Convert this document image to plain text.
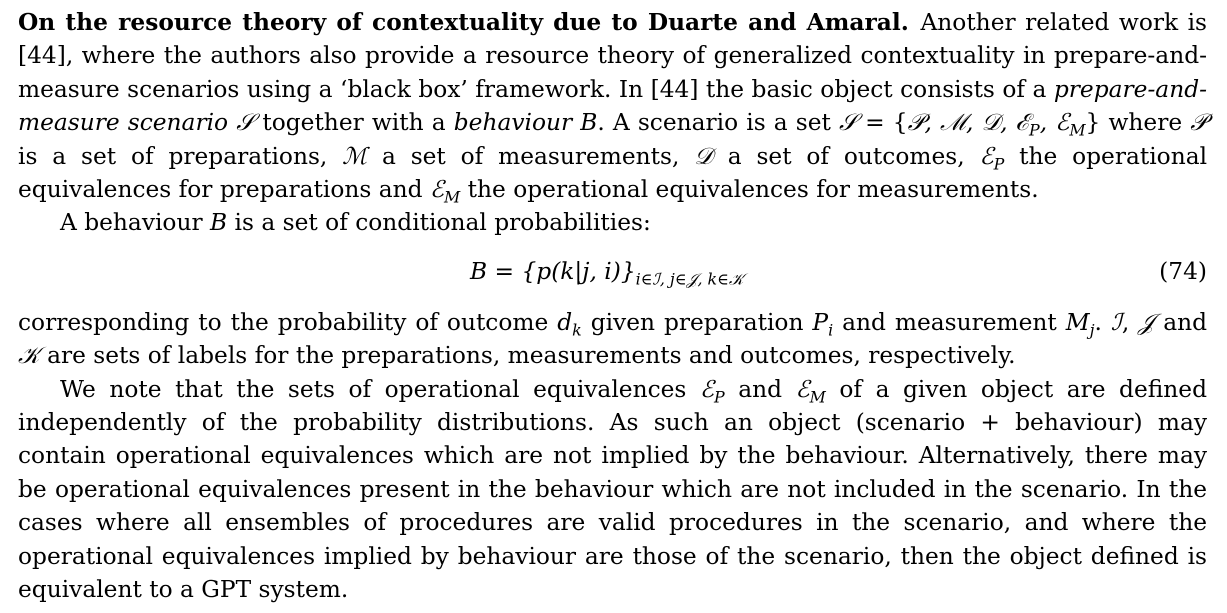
On the resource theory of contextuality due to Duarte and Amaral.  Another related work is [44], where the authors also provide a resource theory of generalized contextuality in prepare-and-measure scenarios using a ‘black box’ framework. In [44] the basic object consists of a prepare-and-measure scenario 𝒮 together with a behaviour B. A scenario is a set 𝒮 = {𝒫, ℳ, 𝒟, ℰ$_P$, ℰ$_M$} where 𝒫 is a set of preparations, ℳ a set of measurements, 𝒟 a set of outcomes, ℰ$_P$ the operational equivalences for preparations and ℰ$_M$ the operational equivalences for measurements.

A behaviour B is a set of conditional probabilities:

B = {p(k|j, $i)\}_{i\in ℐ, j\in 𝒥, k\in 𝒦}$	(74)

corresponding to the probability of outcome $d_k$ given preparation $P_i$ and measurement $M_j$. ℐ, 𝒥 and 𝒦 are sets of labels for the preparations, measurements and outcomes, respectively.

We note that the sets of operational equivalences ℰ$_P$ and ℰ$_M$ of a given object are defined independently of the probability distributions. As such an object (scenario + behaviour) may contain operational equivalences which are not implied by the behaviour. Alternatively, there may be operational equivalences present in the behaviour which are not included in the scenario. In the cases where all ensembles of procedures are valid procedures in the scenario, and where the operational equivalences implied by behaviour are those of the scenario, then the object defined is equivalent to a GPT system.
